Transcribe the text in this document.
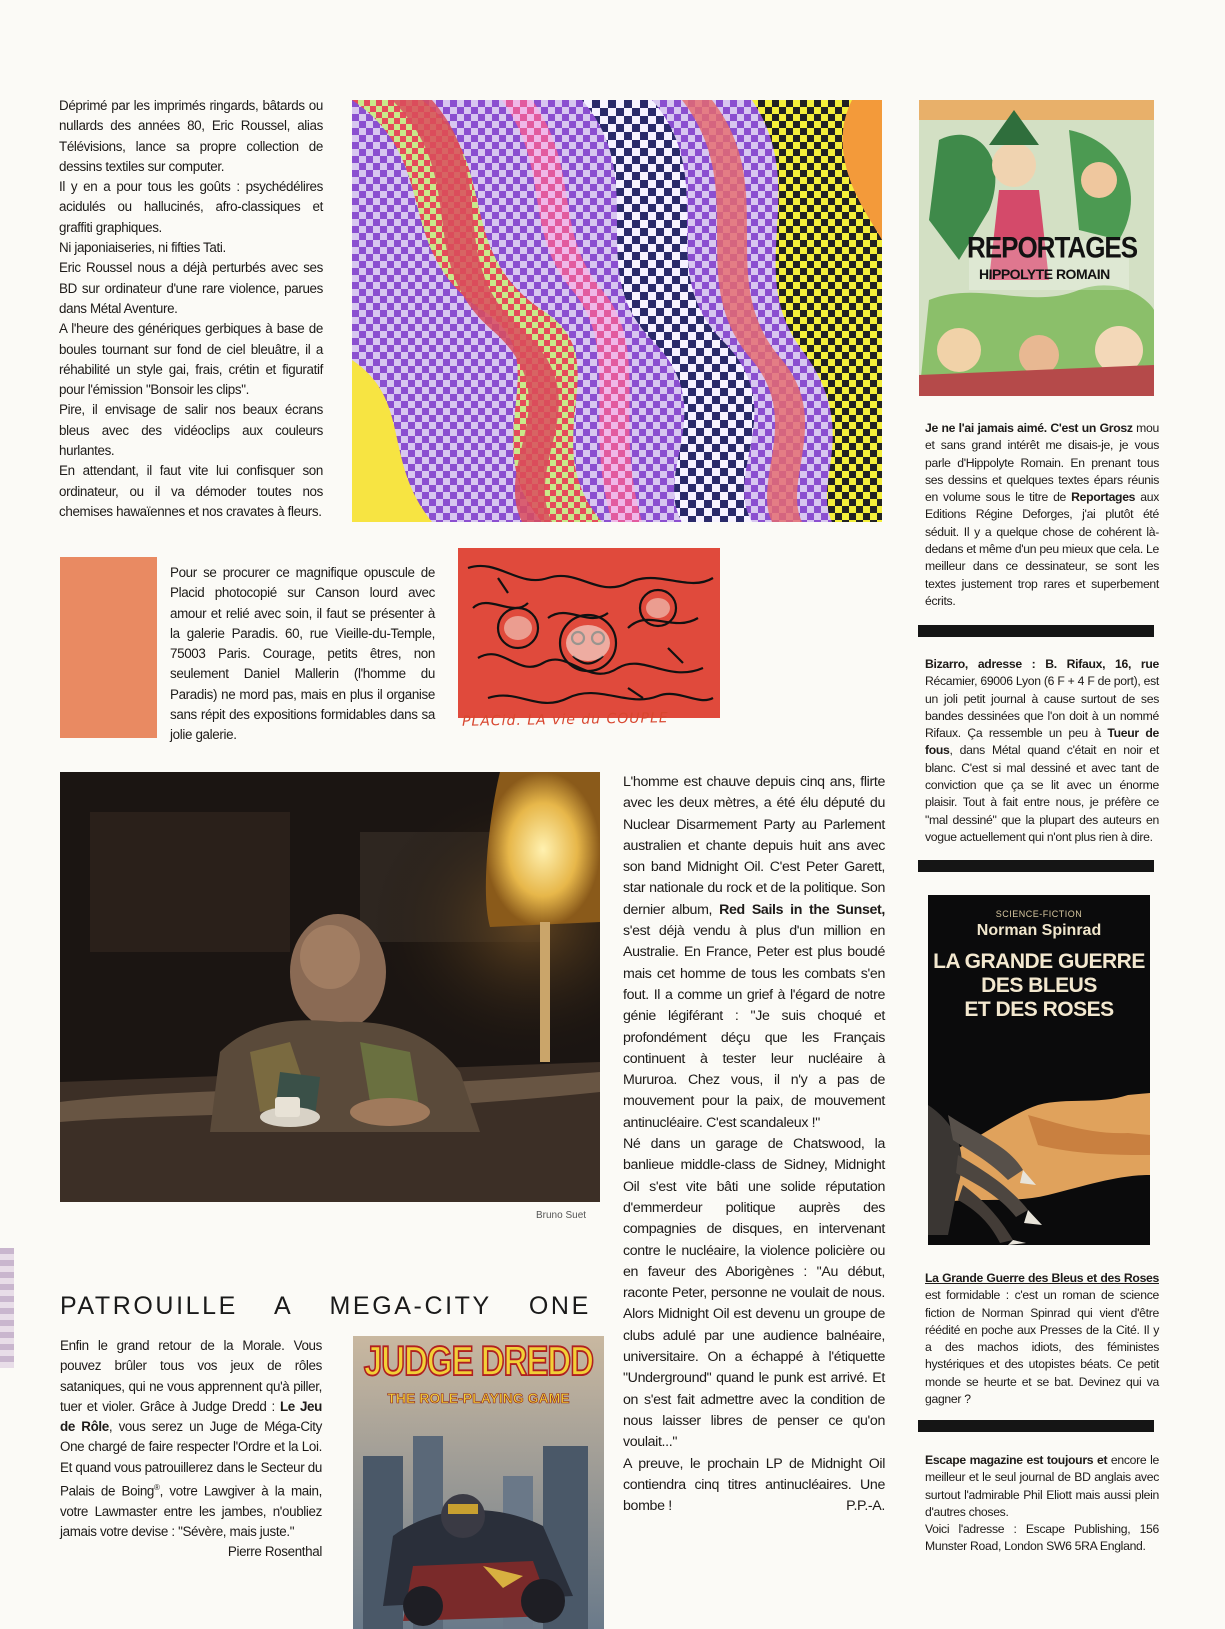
Déprimé par les imprimés ringards, bâtards ou nullards des années 80, Eric Roussel, alias Télévisions, lance sa propre collection de dessins textiles sur computer.

Il y en a pour tous les goûts : psychédélires acidulés ou hallucinés, afro-classiques et graffiti graphiques.

Ni japoniaiseries, ni fifties Tati.

Eric Roussel nous a déjà perturbés avec ses BD sur ordinateur d'une rare violence, parues dans Métal Aventure.

A l'heure des génériques gerbiques à base de boules tournant sur fond de ciel bleuâtre, il a réhabilité un style gai, frais, crétin et figuratif pour l'émission "Bonsoir les clips".

Pire, il envisage de salir nos beaux écrans bleus avec des vidéoclips aux couleurs hurlantes.

En attendant, il faut vite lui confisquer son ordinateur, ou il va démoder toutes nos chemises hawaïennes et nos cravates à fleurs.

REPORTAGES
HIPPOLYTE ROMAIN
Je ne l'ai jamais aimé. C'est un Grosz mou et sans grand intérêt me disais-je, je vous parle d'Hippolyte Romain. En prenant tous ses dessins et quelques textes épars réunis en volume sous le titre de Reportages aux Editions Régine Deforges, j'ai plutôt été séduit. Il y a quelque chose de cohérent là-dedans et même d'un peu mieux que cela. Le meilleur dans ce dessinateur, se sont les textes justement trop rares et superbement écrits.
Bizarro, adresse : B. Rifaux, 16, rue Récamier, 69006 Lyon (6 F + 4 F de port), est un joli petit journal à cause surtout de ses bandes dessinées que l'on doit à un nommé Rifaux. Ça ressemble un peu à Tueur de fous, dans Métal quand c'était en noir et blanc. C'est si mal dessiné et avec tant de conviction que ça se lit avec un énorme plaisir. Tout à fait entre nous, je préfère ce "mal dessiné" que la plupart des auteurs en vogue actuellement qui n'ont plus rien à dire.
SCIENCE-FICTION
Norman Spinrad
LA GRANDE GUERRE
DES BLEUS
ET DES ROSES
La Grande Guerre des Bleus et des Roses est formidable : c'est un roman de science fiction de Norman Spinrad qui vient d'être réédité en poche aux Presses de la Cité. Il y a des machos idiots, des féministes hystériques et des utopistes béats. Ce petit monde se heurte et se bat. Devinez qui va gagner ?

Escape magazine est toujours et encore le meilleur et le seul journal de BD anglais avec surtout l'admirable Phil Eliott mais aussi plein d'autres choses.

Voici l'adresse : Escape Publishing, 156 Munster Road, London SW6 5RA England.

Pour se procurer ce magnifique opuscule de Placid photocopié sur Canson lourd avec amour et relié avec soin, il faut se présenter à la galerie Paradis. 60, rue Vieille-du-Temple, 75003 Paris. Courage, petits êtres, non seulement Daniel Mallerin (l'homme du Paradis) ne mord pas, mais en plus il organise sans répit des expositions formidables dans sa jolie galerie.
PLACid. LA vie du COUPLE
Bruno Suet

L'homme est chauve depuis cinq ans, flirte avec les deux mètres, a été élu député du Nuclear Disarmement Party au Parlement australien et chante depuis huit ans avec son band Midnight Oil. C'est Peter Garett, star nationale du rock et de la politique. Son dernier album, Red Sails in the Sunset, s'est déjà vendu à plus d'un million en Australie. En France, Peter est plus boudé mais cet homme de tous les combats s'en fout. Il a comme un grief à l'égard de notre génie légiférant : "Je suis choqué et profondément déçu que les Français continuent à tester leur nucléaire à Mururoa. Chez vous, il n'y a pas de mouvement pour la paix, de mouvement antinucléaire. C'est scandaleux !"

Né dans un garage de Chatswood, la banlieue middle-class de Sidney, Midnight Oil s'est vite bâti une solide réputation d'emmerdeur politique auprès des compagnies de disques, en intervenant contre le nucléaire, la violence policière ou en faveur des Aborigènes : "Au début, raconte Peter, personne ne voulait de nous. Alors Midnight Oil est devenu un groupe de clubs adulé par une audience balnéaire, universitaire. On a échappé à l'étiquette "Underground" quand le punk est arrivé. Et on s'est fait admettre avec la condition de nous laisser libres de penser ce qu'on voulait..."

A preuve, le prochain LP de Midnight Oil contiendra cinq titres antinucléaires. Une bombe !	P.P.-A.

PATROUILLE A MEGA-CITY ONE

Enfin le grand retour de la Morale. Vous pouvez brûler tous vos jeux de rôles sataniques, qui ne vous apprennent qu'à piller, tuer et violer. Grâce à Judge Dredd : Le Jeu de Rôle, vous serez un Juge de Méga-City One chargé de faire respecter l'Ordre et la Loi. Et quand vous patrouillerez dans le Secteur du Palais de Boing®, votre Lawgiver à la main, votre Lawmaster entre les jambes, n'oubliez jamais votre devise : "Sévère, mais juste."

Pierre Rosenthal

JUDGE DREDD
THE ROLE-PLAYING GAME
